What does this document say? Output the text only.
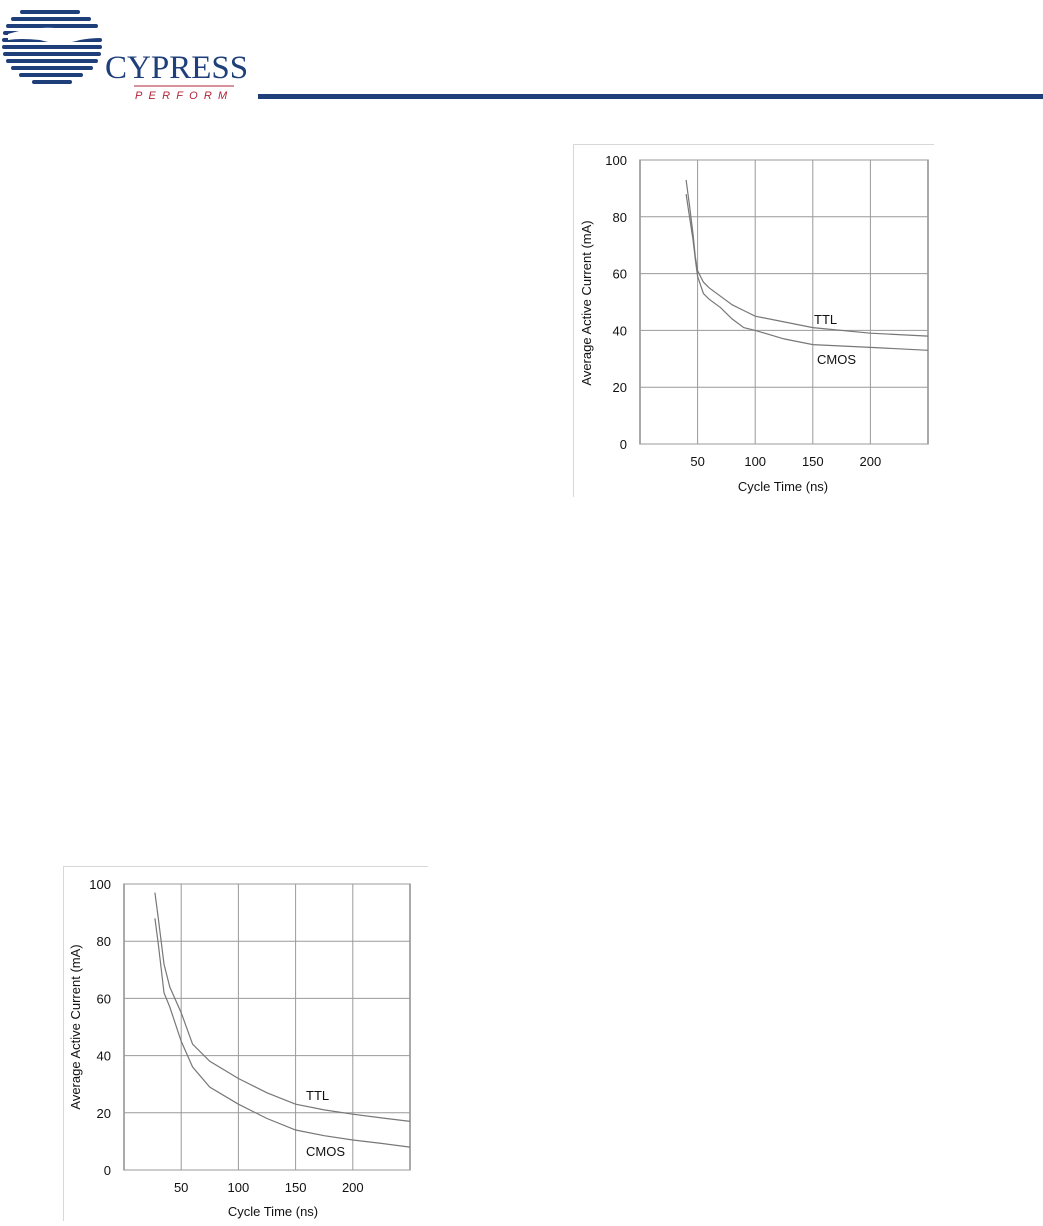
CYPRESS
PERFORM
0
20
40
60
80
100
50	100	150	200
Cycle Time (ns)
Average Active Current (mA)	TTL
CMOS
0
20
40
60
80
100
50	100	150	200
Cycle Time (ns)
Average Active Current (mA)	TTL
CMOS
